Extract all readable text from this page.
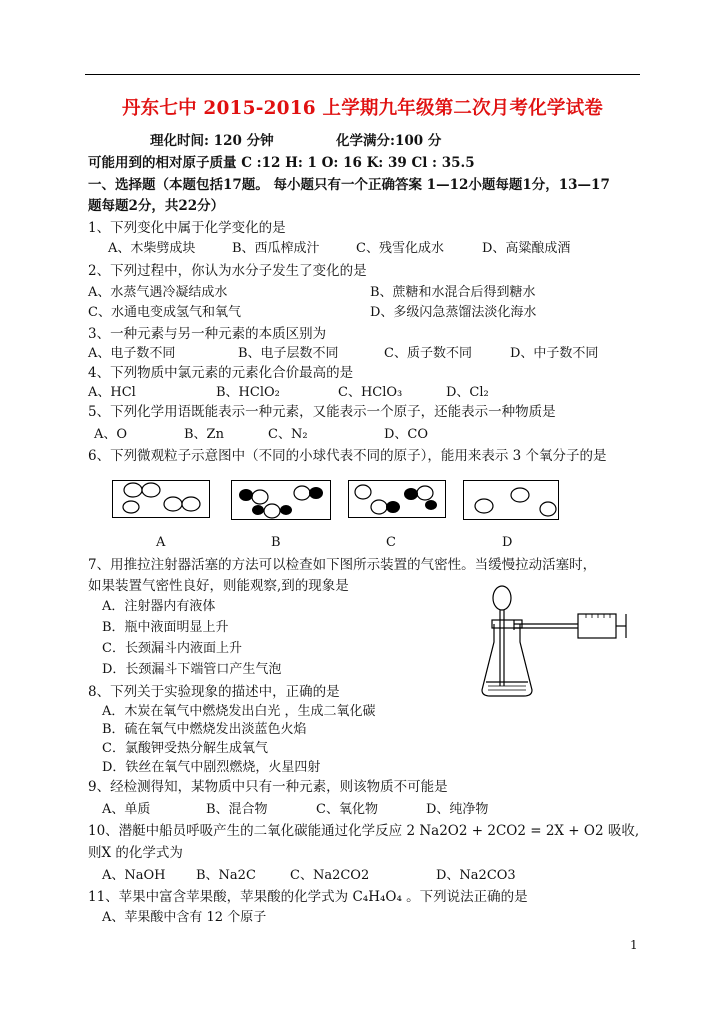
丹东七中 2015-2016 上学期九年级第二次月考化学试卷
理化时间: 120 分钟	化学满分:100 分
可能用到的相对原子质量 C :12 H: 1 O: 16 K: 39 Cl : 35.5
一、选择题（本题包括17题。 每小题只有一个正确答案 1—12小题每题1分，13—17
题每题2分，共22分）
1、下列变化中属于化学变化的是
A、木柴劈成块	B、西瓜榨成汁	C、残雪化成水	D、高粱酿成酒
2、下列过程中，你认为水分子发生了变化的是
A、水蒸气遇冷凝结成水	B、蔗糖和水混合后得到糖水
C、水通电变成氢气和氧气	D、多级闪急蒸馏法淡化海水
3、一种元素与另一种元素的本质区别为
A、电子数不同	B、电子层数不同	C、质子数不同	D、中子数不同
4、下列物质中氯元素的元素化合价最高的是
A、HCl	B、HClO₂	C、HClO₃	D、Cl₂
5、下列化学用语既能表示一种元素，又能表示一个原子，还能表示一种物质是
A、O	B、Zn	C、N₂	D、CO
6、下列微观粒子示意图中（不同的小球代表不同的原子），能用来表示 3 个氧分子的是
A	B	C	D
7、用推拉注射器活塞的方法可以检查如下图所示装置的气密性。当缓慢拉动活塞时，
如果装置气密性良好，则能观察,到的现象是
A．注射器内有液体
B．瓶中液面明显上升
C．长颈漏斗内液面上升
D．长颈漏斗下端管口产生气泡
8、下列关于实验现象的描述中，正确的是
A．木炭在氧气中燃烧发出白光 ，生成二氧化碳
B．硫在氧气中燃烧发出淡蓝色火焰
C．氯酸钾受热分解生成氧气
D．铁丝在氧气中剧烈燃烧，火星四射
9、经检测得知，某物质中只有一种元素，则该物质不可能是
A、单质	B、混合物	C、氧化物	D、纯净物
10、潜艇中船员呼吸产生的二氧化碳能通过化学反应 2 Na2O2 + 2CO2 = 2X + O2 吸收,
则X 的化学式为
A、NaOH B、Na2C	C、Na2CO2	D、Na2CO3
11、苹果中富含苹果酸，苹果酸的化学式为 C₄H₄O₄ 。下列说法正确的是
A、苹果酸中含有 12 个原子
1
